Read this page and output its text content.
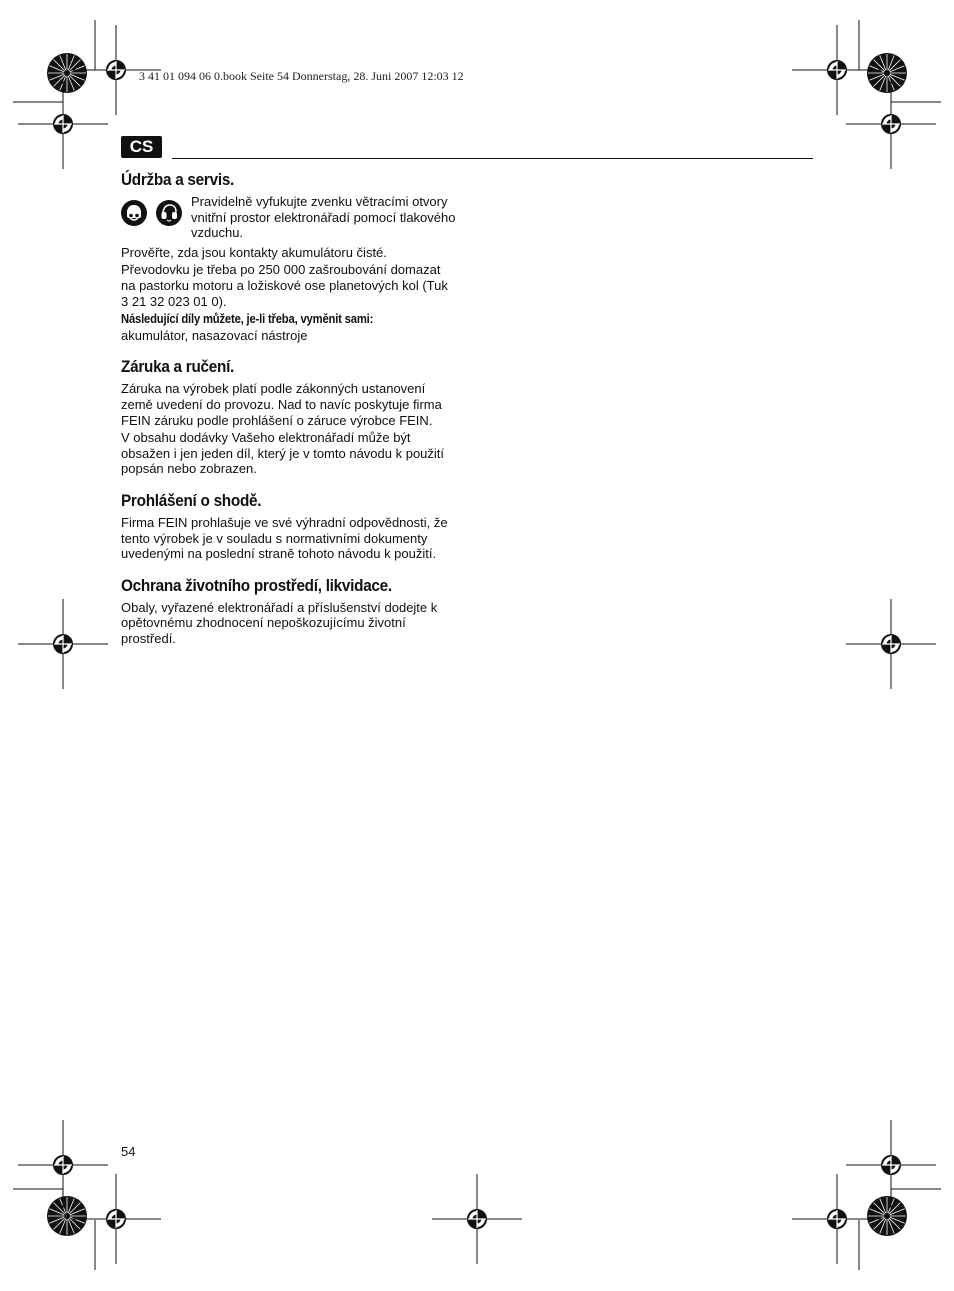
3 41 01 094 06 0.book Seite 54 Donnerstag, 28. Juni 2007 12:03 12
CS
Údržba a servis.

Pravidelně vyfukujte zvenku větracími otvory vnitřní prostor elektronářadí pomocí tlakového vzduchu.

Prověřte, zda jsou kontakty akumulátoru čisté.

Převodovku je třeba po 250 000 zašroubování domazat na pastorku motoru a ložiskové ose planetových kol (Tuk 3 21 32 023 01 0).

Následující díly můžete, je-li třeba, vyměnit sami:

akumulátor, nasazovací nástroje

Záruka a ručení.

Záruka na výrobek platí podle zákonných ustanovení země uvedení do provozu. Nad to navíc poskytuje firma FEIN záruku podle prohlášení o záruce výrobce FEIN.

V obsahu dodávky Vašeho elektronářadí může být obsažen i jen jeden díl, který je v tomto návodu k použití popsán nebo zobrazen.

Prohlášení o shodě.

Firma FEIN prohlašuje ve své výhradní odpovědnosti, že tento výrobek je v souladu s normativními dokumenty uvedenými na poslední straně tohoto návodu k použití.

Ochrana životního prostředí, likvidace.

Obaly, vyřazené elektronářadí a příslušenství dodejte k opětovnému zhodnocení nepoškozujícímu životní prostředí.

54
